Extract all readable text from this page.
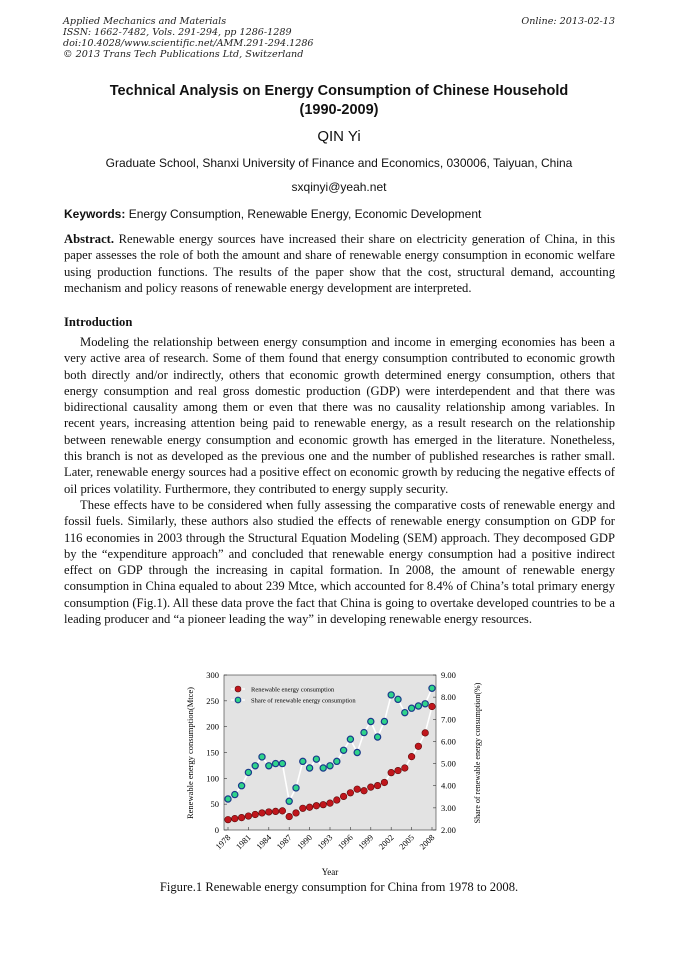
Applied Mechanics and Materials	Online: 2013-02-13
ISSN: 1662-7482, Vols. 291-294, pp 1286-1289
doi:10.4028/www.scientific.net/AMM.291-294.1286
© 2013 Trans Tech Publications Ltd, Switzerland
Technical Analysis on Energy Consumption of Chinese Household
(1990-2009)
QIN Yi
Graduate School, Shanxi University of Finance and Economics, 030006, Taiyuan, China
sxqinyi@yeah.net
Keywords: Energy Consumption, Renewable Energy, Economic Development
Abstract. Renewable energy sources have increased their share on electricity generation of China, in this paper assesses the role of both the amount and share of renewable energy consumption in economic welfare using production functions. The results of the paper show that the cost, structural demand, accounting mechanism and policy reasons of renewable energy development are interpreted.
Introduction

Modeling the relationship between energy consumption and income in emerging economies has been a very active area of research. Some of them found that energy consumption contributed to economic growth both directly and/or indirectly, others that economic growth determined energy consumption, others that energy consumption and real gross domestic production (GDP) were interdependent and that there was bidirectional causality among them or even that there was no causality relationship among variables. In recent years, increasing attention being paid to renewable energy, as a result research on the relationship between renewable energy consumption and economic growth has emerged in the literature. Nonetheless, this branch is not as developed as the previous one and the number of published researches is rather small. Later, renewable energy sources had a positive effect on economic growth by reducing the negative effects of oil prices volatility. Furthermore, they contributed to energy supply security.

These effects have to be considered when fully assessing the comparative costs of renewable energy and fossil fuels. Similarly, these authors also studied the effects of renewable energy consumption on GDP for 116 economies in 2003 through the Structural Equation Modeling (SEM) approach. They decomposed GDP by the “expenditure approach” and concluded that renewable energy consumption had a positive indirect effect on GDP through the increasing in capital formation. In 2008, the amount of renewable energy consumption in China equaled to about 239 Mtce, which accounted for 8.4% of China’s total primary energy consumption (Fig.1). All these data prove the fact that China is going to overtake developed countries to be a leading producer and “a pioneer leading the way” in developing renewable energy resources.

0
50
100
150
200
250
300
2.00
3.00
4.00
5.00
6.00
7.00
8.00
9.00
1978 1981 1984 1987 1990 1993 1996 1999 2002 2005 2008
Renewable energy consumption
Share of renewable energy consumption
Year
Renewable energy consumption(Mtce)	Share of renewable energy consumption(%)
Figure.1 Renewable energy consumption for China from 1978 to 2008.
